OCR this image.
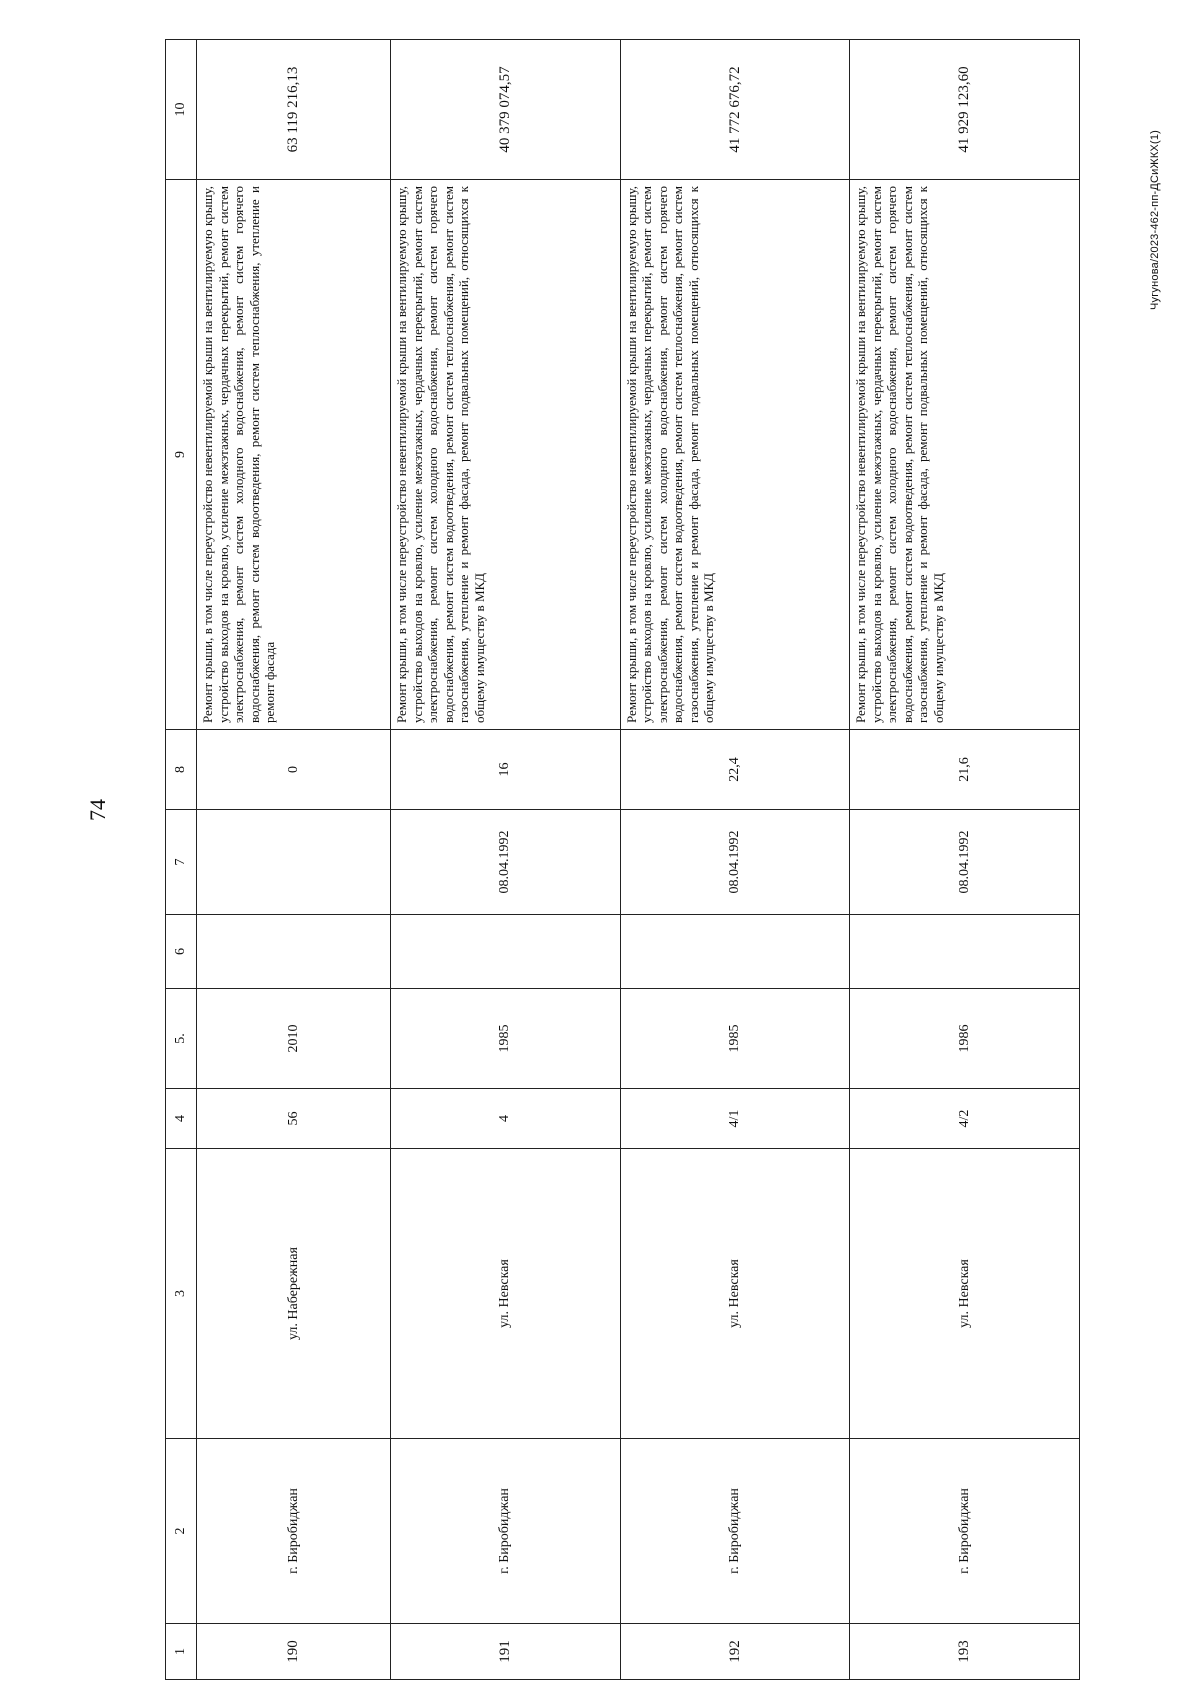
74
Чугунова/2023-462-пп-ДСиЖКХ(1)
1	2	3	4	5.	6	7	8	9	10
190	г. Биробиджан	ул. Набережная	56	2010			0	Ремонт крыши, в том числе переустройство невентилируемой крыши на вентилируемую крышу, устройство выходов на кровлю, усиление межэтажных, чердачных перекрытий, ремонт систем электроснабжения, ремонт систем холодного водоснабжения, ремонт систем горячего водоснабжения, ремонт систем водоотведения, ремонт систем теплоснабжения, утепление и ремонт фасада	63 119 216,13
191	г. Биробиджан	ул. Невская	4	1985		08.04.1992	16	Ремонт крыши, в том числе переустройство невентилируемой крыши на вентилируемую крышу, устройство выходов на кровлю, усиление межэтажных, чердачных перекрытий, ремонт систем электроснабжения, ремонт систем холодного водоснабжения, ремонт систем горячего водоснабжения, ремонт систем водоотведения, ремонт систем теплоснабжения, ремонт систем газоснабжения, утепление и ремонт фасада, ремонт подвальных помещений, относящихся к общему имуществу в МКД	40 379 074,57
192	г. Биробиджан	ул. Невская	4/1	1985		08.04.1992	22,4	Ремонт крыши, в том числе переустройство невентилируемой крыши на вентилируемую крышу, устройство выходов на кровлю, усиление межэтажных, чердачных перекрытий, ремонт систем электроснабжения, ремонт систем холодного водоснабжения, ремонт систем горячего водоснабжения, ремонт систем водоотведения, ремонт систем теплоснабжения, ремонт систем газоснабжения, утепление и ремонт фасада, ремонт подвальных помещений, относящихся к общему имуществу в МКД	41 772 676,72
193	г. Биробиджан	ул. Невская	4/2	1986		08.04.1992	21,6	Ремонт крыши, в том числе переустройство невентилируемой крыши на вентилируемую крышу, устройство выходов на кровлю, усиление межэтажных, чердачных перекрытий, ремонт систем электроснабжения, ремонт систем холодного водоснабжения, ремонт систем горячего водоснабжения, ремонт систем водоотведения, ремонт систем теплоснабжения, ремонт систем газоснабжения, утепление и ремонт фасада, ремонт подвальных помещений, относящихся к общему имуществу в МКД	41 929 123,60
